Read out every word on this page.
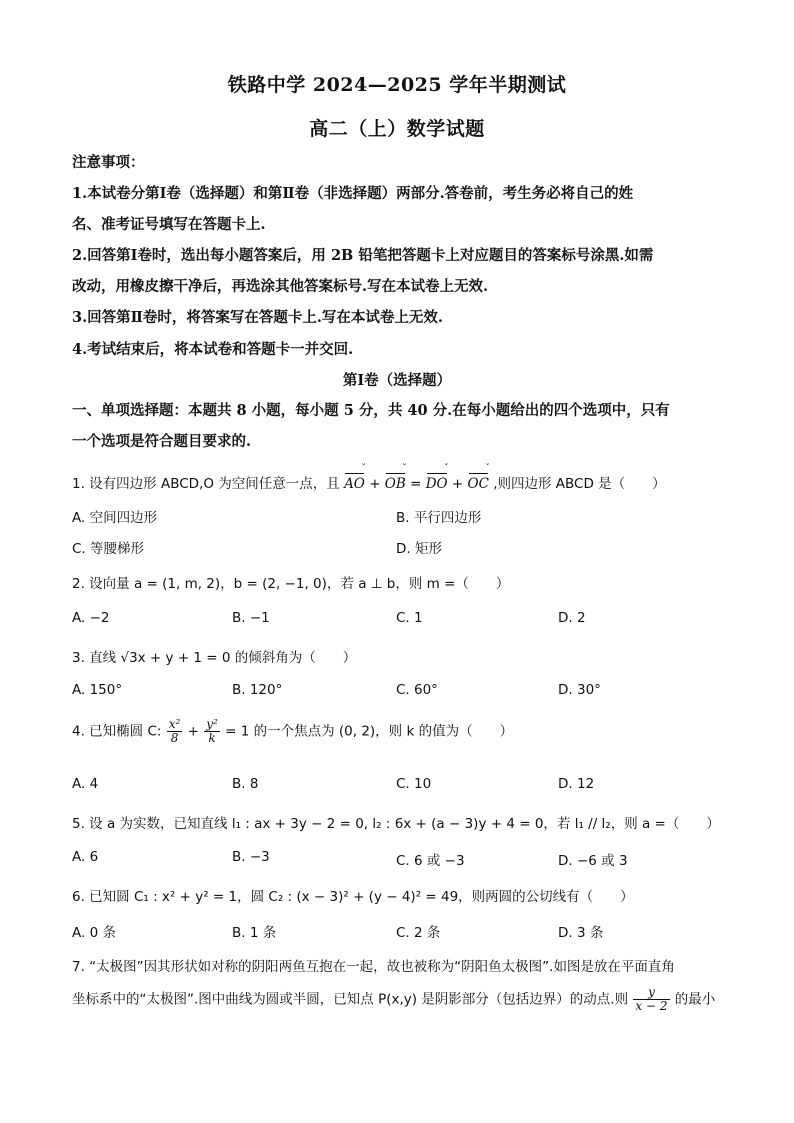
铁路中学 2024—2025 学年半期测试
高二（上）数学试题
注意事项：
1.本试卷分第Ⅰ卷（选择题）和第Ⅱ卷（非选择题）两部分.答卷前，考生务必将自己的姓
名、准考证号填写在答题卡上.
2.回答第Ⅰ卷时，选出每小题答案后，用 2B 铅笔把答题卡上对应题目的答案标号涂黑.如需
改动，用橡皮擦干净后，再选涂其他答案标号.写在本试卷上无效.
3.回答第Ⅱ卷时，将答案写在答题卡上.写在本试卷上无效.
4.考试结束后，将本试卷和答题卡一并交回.
第Ⅰ卷（选择题）
一、单项选择题：本题共 8 小题，每小题 5 分，共 40 分.在每小题给出的四个选项中，只有
一个选项是符合题目要求的.
1. 设有四边形 ABCD,O 为空间任意一点，且 AO ˇ + OB ˇ = DO ˇ + OC ˇ ,则四边形 ABCD 是（　　）
A. 空间四边形	B. 平行四边形
C. 等腰梯形	D. 矩形
2. 设向量 a = (1, m, 2)，b = (2, −1, 0)，若 a ⊥ b，则 m =（　　）
A. −2	B. −1	C. 1	D. 2
3. 直线 √3x + y + 1 = 0 的倾斜角为（　　）
A. 150°	B. 120°	C. 60°	D. 30°
4. 已知椭圆 C: $\frac{\text{x²}}{8} + \frac{\text{y²}}{k} = 1$ 的一个焦点为 (0, 2)，则 k 的值为（　　）
A. 4	B. 8	C. 10	D. 12
5. 设 a 为实数，已知直线 l₁ : ax + 3y − 2 = 0, l₂ : 6x + (a − 3)y + 4 = 0，若 l₁ // l₂，则 a =（　　）
A. 6	B. −3	C. 6 或 −3	D. −6 或 3
6. 已知圆 C₁ : x² + y² = 1，圆 C₂ : (x − 3)² + (y − 4)² = 49，则两圆的公切线有（　　）
A. 0 条	B. 1 条	C. 2 条	D. 3 条
7. “太极图”因其形状如对称的阴阳两鱼互抱在一起，故也被称为“阴阳鱼太极图”.如图是放在平面直角
坐标系中的“太极图”.图中曲线为圆或半圆，已知点 P(x,y) 是阴影部分（包括边界）的动点.则 $\frac{y}{x - 2}$ 的最小
